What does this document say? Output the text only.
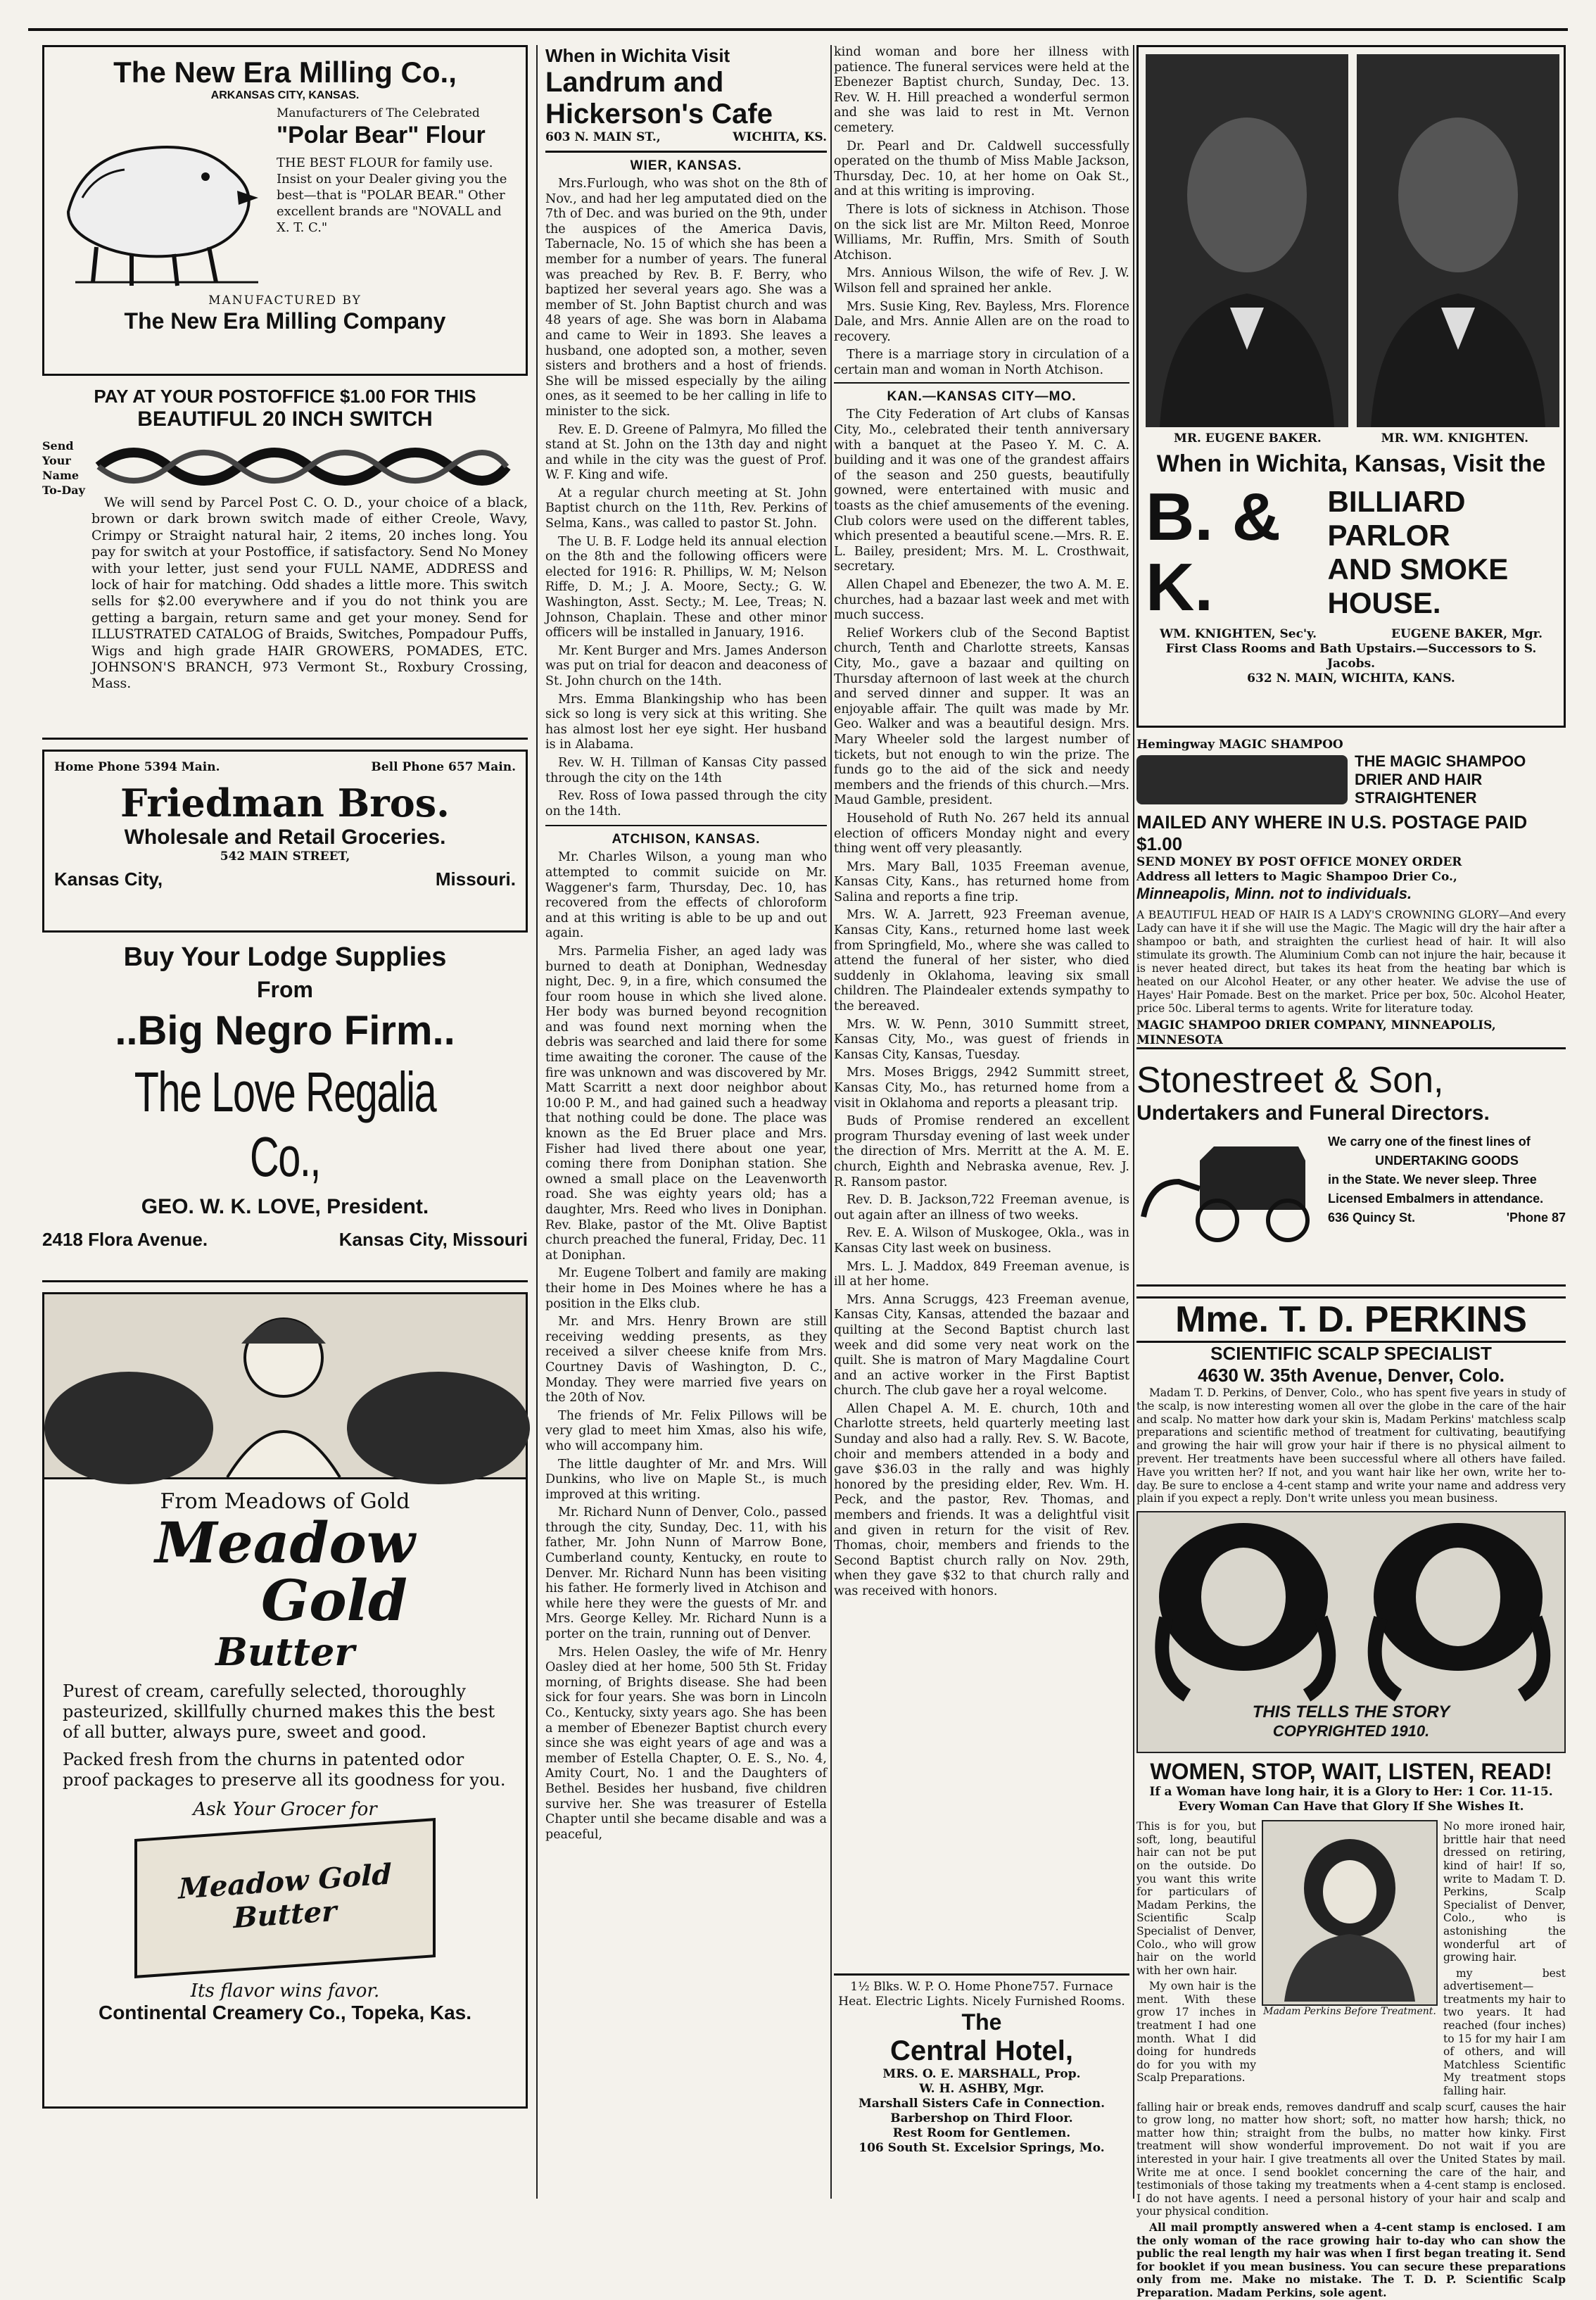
The New Era Milling Co.,
ARKANSAS CITY, KANSAS.
Manufacturers of The Celebrated
"Polar Bear" Flour
THE BEST FLOUR for family use. Insist on your Dealer giving you the best—that is "POLAR BEAR." Other excellent brands are "NOVALL and X. T. C."
MANUFACTURED BY
The New Era Milling Company
PAY AT YOUR POSTOFFICE $1.00 FOR THIS
BEAUTIFUL 20 INCH SWITCH
Send Your Name To-Day
We will send by Parcel Post C. O. D., your choice of a black, brown or dark brown switch made of either Creole, Wavy, Crimpy or Straight natural hair, 2 items, 20 inches long. You pay for switch at your Postoffice, if satisfactory. Send No Money with your letter, just send your FULL NAME, ADDRESS and lock of hair for matching. Odd shades a little more. This switch sells for $2.00 everywhere and if you do not think you are getting a bargain, return same and get your money. Send for ILLUSTRATED CATALOG of Braids, Switches, Pompadour Puffs, Wigs and high grade HAIR GROWERS, POMADES, ETC. JOHNSON'S BRANCH, 973 Vermont St., Roxbury Crossing, Mass.
Home Phone 5394 Main.	Bell Phone 657 Main.
Friedman Bros.
Wholesale and Retail Groceries.
542 MAIN STREET,
Kansas City,	Missouri.
Buy Your Lodge Supplies
From
..Big Negro Firm..
The Love Regalia Co.,
GEO. W. K. LOVE, President.
2418 Flora Avenue.	Kansas City, Missouri
From Meadows of Gold
Meadow
Gold
Butter
Purest of cream, carefully selected, thoroughly pasteurized, skillfully churned makes this the best of all butter, always pure, sweet and good.
Packed fresh from the churns in patented odor proof packages to preserve all its goodness for you.
Ask Your Grocer for
Meadow Gold Butter
Its flavor wins favor.
Continental Creamery Co., Topeka, Kas.
When in Wichita Visit
Landrum and
Hickerson's Cafe
603 N. MAIN ST.,	WICHITA, KS.
WIER, KANSAS.

Mrs.Furlough, who was shot on the 8th of Nov., and had her leg amputated died on the 7th of Dec. and was buried on the 9th, under the auspices of the America Davis, Tabernacle, No. 15 of which she has been a member for a number of years. The funeral was preached by Rev. B. F. Berry, who baptized her several years ago. She was a member of St. John Baptist church and was 48 years of age. She was born in Alabama and came to Weir in 1893. She leaves a husband, one adopted son, a mother, seven sisters and brothers and a host of friends. She will be missed especially by the ailing ones, as it seemed to be her calling in life to minister to the sick.

Rev. E. D. Greene of Palmyra, Mo filled the stand at St. John on the 13th day and night and while in the city was the guest of Prof. W. F. King and wife.

At a regular church meeting at St. John Baptist church on the 11th, Rev. Perkins of Selma, Kans., was called to pastor St. John.

The U. B. F. Lodge held its annual election on the 8th and the following officers were elected for 1916: R. Phillips, W. M; Nelson Riffe, D. M.; J. A. Moore, Secty.; G. W. Washington, Asst. Secty.; M. Lee, Treas; N. Johnson, Chaplain. These and other minor officers will be installed in January, 1916.

Mr. Kent Burger and Mrs. James Anderson was put on trial for deacon and deaconess of St. John church on the 14th.

Mrs. Emma Blankingship who has been sick so long is very sick at this writing. She has almost lost her eye sight. Her husband is in Alabama.

Rev. W. H. Tillman of Kansas City passed through the city on the 14th

Rev. Ross of Iowa passed through the city on the 14th.

ATCHISON, KANSAS.

Mr. Charles Wilson, a young man who attempted to commit suicide on Mr. Waggener's farm, Thursday, Dec. 10, has recovered from the effects of chloroform and at this writing is able to be up and out again.

Mrs. Parmelia Fisher, an aged lady was burned to death at Doniphan, Wednesday night, Dec. 9, in a fire, which consumed the four room house in which she lived alone. Her body was burned beyond recognition and was found next morning when the debris was searched and laid there for some time awaiting the coroner. The cause of the fire was unknown and was discovered by Mr. Matt Scarritt a next door neighbor about 10:00 P. M., and had gained such a headway that nothing could be done. The place was known as the Ed Bruer place and Mrs. Fisher had lived there about one year, coming there from Doniphan station. She owned a small place on the Leavenworth road. She was eighty years old; has a daughter, Mrs. Reed who lives in Doniphan. Rev. Blake, pastor of the Mt. Olive Baptist church preached the funeral, Friday, Dec. 11 at Doniphan.

Mr. Eugene Tolbert and family are making their home in Des Moines where he has a position in the Elks club.

Mr. and Mrs. Henry Brown are still receiving wedding presents, as they received a silver cheese knife from Mrs. Courtney Davis of Washington, D. C., Monday. They were married five years on the 20th of Nov.

The friends of Mr. Felix Pillows will be very glad to meet him Xmas, also his wife, who will accompany him.

The little daughter of Mr. and Mrs. Will Dunkins, who live on Maple St., is much improved at this writing.

Mr. Richard Nunn of Denver, Colo., passed through the city, Sunday, Dec. 11, with his father, Mr. John Nunn of Marrow Bone, Cumberland county, Kentucky, en route to Denver. Mr. Richard Nunn has been visiting his father. He formerly lived in Atchison and while here they were the guests of Mr. and Mrs. George Kelley. Mr. Richard Nunn is a porter on the train, running out of Denver.

Mrs. Helen Oasley, the wife of Mr. Henry Oasley died at her home, 500 5th St. Friday morning, of Brights disease. She had been sick for four years. She was born in Lincoln Co., Kentucky, sixty years ago. She has been a member of Ebenezer Baptist church every since she was eight years of age and was a member of Estella Chapter, O. E. S., No. 4, Amity Court, No. 1 and the Daughters of Bethel. Besides her husband, five children survive her. She was treasurer of Estella Chapter until she became disable and was a peaceful,

kind woman and bore her illness with patience. The funeral services were held at the Ebenezer Baptist church, Sunday, Dec. 13. Rev. W. H. Hill preached a wonderful sermon and she was laid to rest in Mt. Vernon cemetery.

Dr. Pearl and Dr. Caldwell successfully operated on the thumb of Miss Mable Jackson, Thursday, Dec. 10, at her home on Oak St., and at this writing is improving.

There is lots of sickness in Atchison. Those on the sick list are Mr. Milton Reed, Monroe Williams, Mr. Ruffin, Mrs. Smith of South Atchison.

Mrs. Annious Wilson, the wife of Rev. J. W. Wilson fell and sprained her ankle.

Mrs. Susie King, Rev. Bayless, Mrs. Florence Dale, and Mrs. Annie Allen are on the road to recovery.

There is a marriage story in circulation of a certain man and woman in North Atchison.

KAN.—KANSAS CITY—MO.

The City Federation of Art clubs of Kansas City, Mo., celebrated their tenth anniversary with a banquet at the Paseo Y. M. C. A. building and it was one of the grandest affairs of the season and 250 guests, beautifully gowned, were entertained with music and toasts as the chief amusements of the evening. Club colors were used on the different tables, which presented a beautiful scene.—Mrs. R. E. L. Bailey, president; Mrs. M. L. Crosthwait, secretary.

Allen Chapel and Ebenezer, the two A. M. E. churches, had a bazaar last week and met with much success.

Relief Workers club of the Second Baptist church, Tenth and Charlotte streets, Kansas City, Mo., gave a bazaar and quilting on Thursday afternoon of last week at the church and served dinner and supper. It was an enjoyable affair. The quilt was made by Mr. Geo. Walker and was a beautiful design. Mrs. Mary Wheeler sold the largest number of tickets, but not enough to win the prize. The funds go to the aid of the sick and needy members and the friends of this church.—Mrs. Maud Gamble, president.

Household of Ruth No. 267 held its annual election of officers Monday night and every thing went off very pleasantly.

Mrs. Mary Ball, 1035 Freeman avenue, Kansas City, Kans., has returned home from Salina and reports a fine trip.

Mrs. W. A. Jarrett, 923 Freeman avenue, Kansas City, Kans., returned home last week from Springfield, Mo., where she was called to attend the funeral of her sister, who died suddenly in Oklahoma, leaving six small children. The Plaindealer extends sympathy to the bereaved.

Mrs. W. W. Penn, 3010 Summitt street, Kansas City, Mo., was guest of friends in Kansas City, Kansas, Tuesday.

Mrs. Moses Briggs, 2942 Summitt street, Kansas City, Mo., has returned home from a visit in Oklahoma and reports a pleasant trip.

Buds of Promise rendered an excellent program Thursday evening of last week under the direction of Mrs. Merritt at the A. M. E. church, Eighth and Nebraska avenue, Rev. J. R. Ransom pastor.

Rev. D. B. Jackson,722 Freeman avenue, is out again after an illness of two weeks.

Rev. E. A. Wilson of Muskogee, Okla., was in Kansas City last week on business.

Mrs. L. J. Maddox, 849 Freeman avenue, is ill at her home.

Mrs. Anna Scruggs, 423 Freeman avenue, Kansas City, Kansas, attended the bazaar and quilting at the Second Baptist church last week and did some very neat work on the quilt. She is matron of Mary Magdaline Court and an active worker in the First Baptist church. The club gave her a royal welcome.

Allen Chapel A. M. E. church, 10th and Charlotte streets, held quarterly meeting last Sunday and also had a rally. Rev. S. W. Bacote, choir and members attended in a body and gave $36.03 in the rally and was highly honored by the presiding elder, Rev. Wm. H. Peck, and the pastor, Rev. Thomas, and members and friends. It was a delightful visit and given in return for the visit of Rev. Thomas, choir, members and friends to the Second Baptist church rally on Nov. 29th, when they gave $32 to that church rally and was received with honors.

1½ Blks. W. P. O. Home Phone757. Furnace Heat. Electric Lights. Nicely Furnished Rooms.
The
Central Hotel,
MRS. O. E. MARSHALL, Prop.
W. H. ASHBY, Mgr.
Marshall Sisters Cafe in Connection.
Barbershop on Third Floor.
Rest Room for Gentlemen.
106 South St. Excelsior Springs, Mo.
MR. EUGENE BAKER.	MR. WM. KNIGHTEN.
When in Wichita, Kansas, Visit the
B. & K.
BILLIARD PARLOR
AND SMOKE HOUSE.
WM. KNIGHTEN, Sec'y.	EUGENE BAKER, Mgr.
First Class Rooms and Bath Upstairs.—Successors to S. Jacobs.
632 N. MAIN, WICHITA, KANS.
Hemingway MAGIC SHAMPOO
THE MAGIC SHAMPOO DRIER AND HAIR STRAIGHTENER
MAILED ANY WHERE IN U.S. POSTAGE PAID $1.00
SEND MONEY BY POST OFFICE MONEY ORDER
Address all letters to Magic Shampoo Drier Co.,
Minneapolis, Minn. not to individuals.
A BEAUTIFUL HEAD OF HAIR IS A LADY'S CROWNING GLORY—And every Lady can have it if she will use the Magic. The Magic will dry the hair after a shampoo or bath, and straighten the curliest head of hair. It will also stimulate its growth. The Aluminium Comb can not injure the hair, because it is never heated direct, but takes its heat from the heating bar which is heated on our Alcohol Heater, or any other heater. We advise the use of Hayes' Hair Pomade. Best on the market. Price per box, 50c. Alcohol Heater, price 50c. Liberal terms to agents. Write for literature today.
MAGIC SHAMPOO DRIER COMPANY, MINNEAPOLIS, MINNESOTA
Stonestreet & Son,
Undertakers and Funeral Directors.
We carry one of the finest lines of
UNDERTAKING GOODS
in the State. We never sleep. Three
Licensed Embalmers in attendance.
636 Quincy St.	'Phone 87
Mme. T. D. PERKINS
SCIENTIFIC SCALP SPECIALIST
4630 W. 35th Avenue, Denver, Colo.
Madam T. D. Perkins, of Denver, Colo., who has spent five years in study of the scalp, is now interesting women all over the globe in the care of the hair and scalp. No matter how dark your skin is, Madam Perkins' matchless scalp preparations and scientific method of treatment for cultivating, beautifying and growing the hair will grow your hair if there is no physical ailment to prevent. Her treatments have been successful where all others have failed. Have you written her? If not, and you want hair like her own, write her to-day. Be sure to enclose a 4-cent stamp and write your name and address very plain if you expect a reply. Don't write unless you mean business.
THIS TELLS THE STORY
COPYRIGHTED 1910.
WOMEN, STOP, WAIT, LISTEN, READ!
If a Woman have long hair, it is a Glory to Her: 1 Cor. 11-15.
Every Woman Can Have that Glory If She Wishes It.
This is for you, but soft, long, beautiful hair can not be put on the outside. Do you want this write for particulars of Madam Perkins, the Scientific Scalp Specialist of Denver, Colo., who will grow hair on the world with her own hair.
My own hair is the ment. With these grow 17 inches in treatment I had one month. What I did doing for hundreds do for you with my Scalp Preparations.
Madam Perkins Before Treatment.
No more ironed hair, brittle hair that need dressed on retiring, kind of hair! If so, write to Madam T. D. Perkins, Scalp Specialist of Denver, Colo., who is astonishing the wonderful art of growing hair.
my best advertisement—treatments my hair to two years. It had reached (four inches) to 15 for my hair I am of others, and will Matchless Scientific My treatment stops falling hair.
falling hair or break ends, removes dandruff and scalp scurf, causes the hair to grow long, no matter how short; soft, no matter how harsh; thick, no matter how thin; straight from the bulbs, no matter how kinky. First treatment will show wonderful improvement. Do not wait if you are interested in your hair. I give treatments all over the United States by mail. Write me at once. I send booklet concerning the care of the hair, and testimonials of those taking my treatments when a 4-cent stamp is enclosed. I do not have agents. I need a personal history of your hair and scalp and your physical condition.
All mail promptly answered when a 4-cent stamp is enclosed. I am the only woman of the race growing hair to-day who can show the public the real length my hair was when I first began treating it. Send for booklet if you mean business. You can secure these preparations only from me. Make no mistake. The T. D. P. Scientific Scalp Preparation. Madam Perkins, sole agent.
